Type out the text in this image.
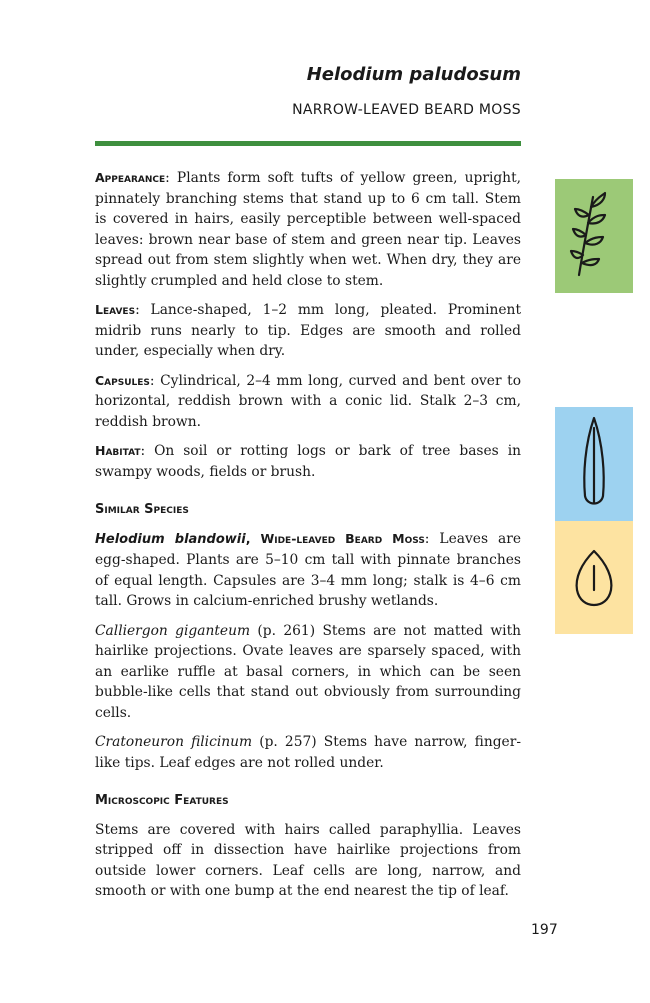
Helodium paludosum
NARROW-LEAVED BEARD MOSS

Appearance: Plants form soft tufts of yellow green, upright, pinnately branching stems that stand up to 6 cm tall. Stem is covered in hairs, easily perceptible between well-spaced leaves: brown near base of stem and green near tip. Leaves spread out from stem slightly when wet. When dry, they are slightly crumpled and held close to stem.

Leaves: Lance-shaped, 1–2 mm long, pleated. Prominent midrib runs nearly to tip. Edges are smooth and rolled under, especially when dry.

Capsules: Cylindrical, 2–4 mm long, curved and bent over to horizontal, reddish brown with a conic lid. Stalk 2–3 cm, reddish brown.

Habitat: On soil or rotting logs or bark of tree bases in swampy woods, fields or brush.

Similar Species

Helodium blandowii, Wide-leaved Beard Moss: Leaves are egg-shaped. Plants are 5–10 cm tall with pinnate branches of equal length. Capsules are 3–4 mm long; stalk is 4–6 cm tall. Grows in calcium-enriched brushy wetlands.

Calliergon giganteum (p. 261) Stems are not matted with hairlike projections. Ovate leaves are sparsely spaced, with an earlike ruffle at basal corners, in which can be seen bubble-like cells that stand out obviously from surrounding cells.

Cratoneuron filicinum (p. 257) Stems have narrow, finger-like tips. Leaf edges are not rolled under.

Microscopic Features

Stems are covered with hairs called paraphyllia. Leaves stripped off in dissection have hairlike projections from outside lower corners. Leaf cells are long, narrow, and smooth or with one bump at the end nearest the tip of leaf.

197
